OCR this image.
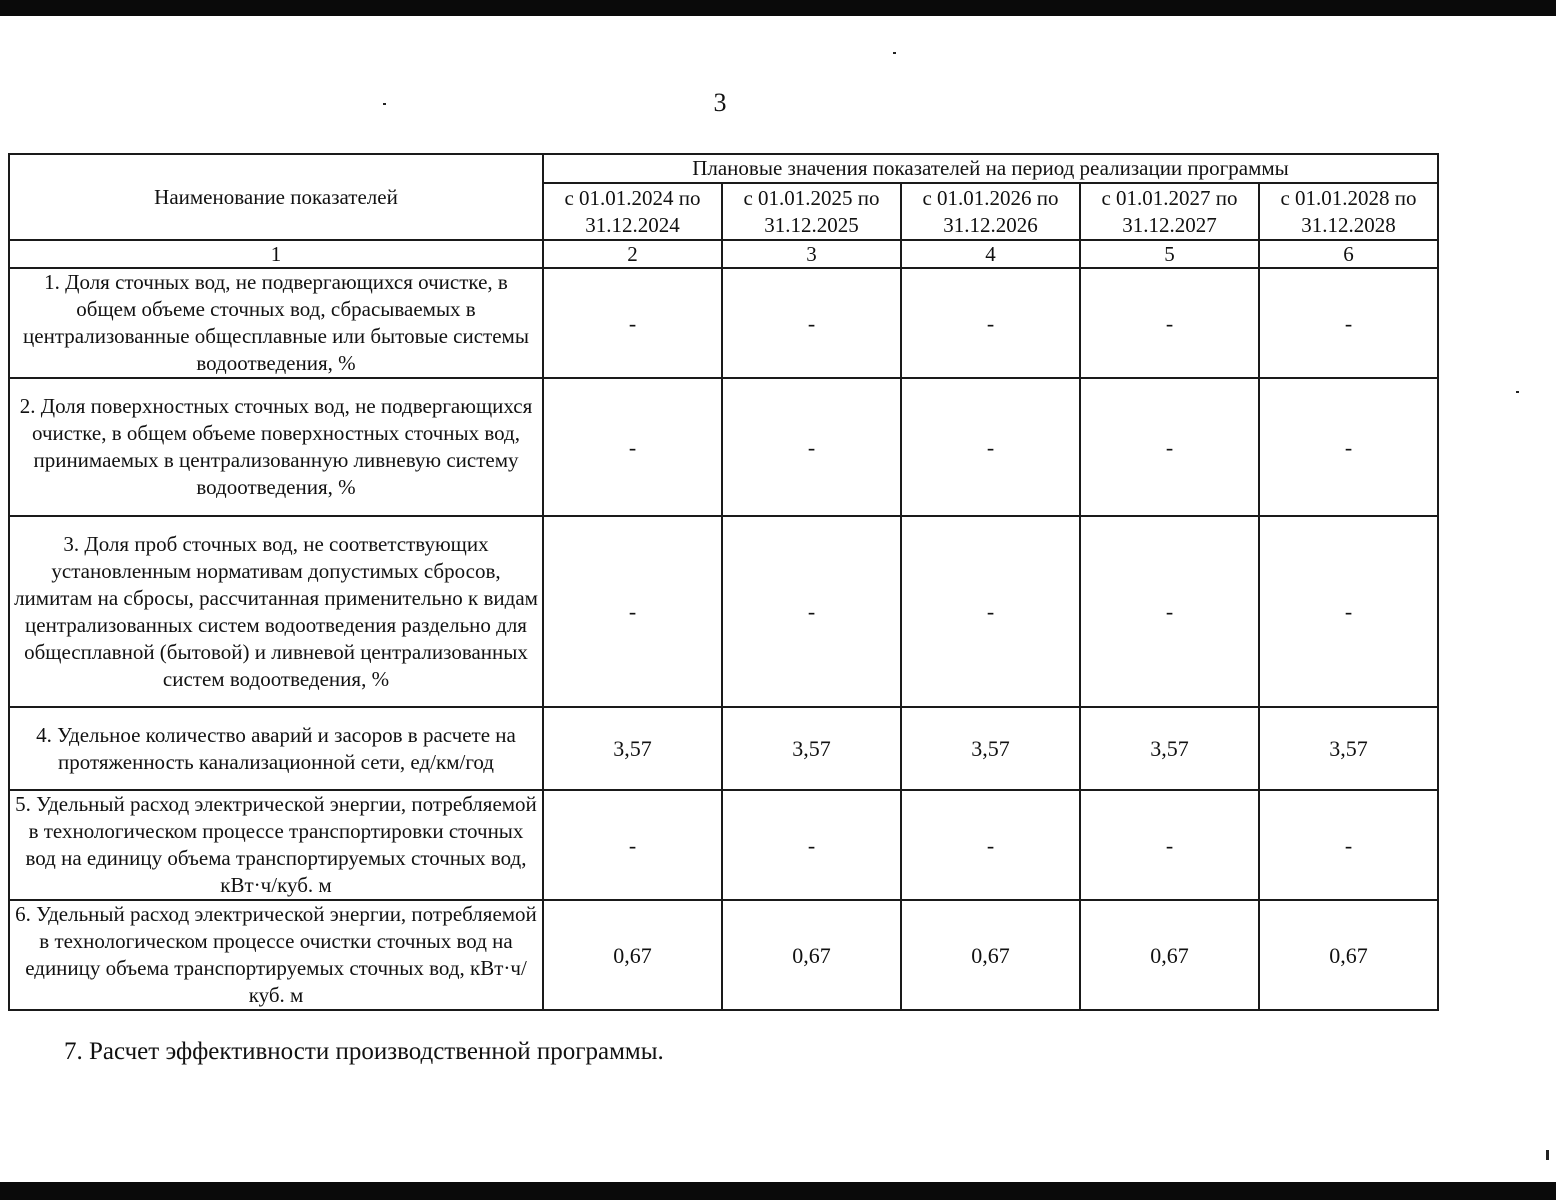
3
Наименование показателей	Плановые значения показателей на период реализации программы				
	с 01.01.2024 по 31.12.2024	с 01.01.2025 по 31.12.2025	с 01.01.2026 по 31.12.2026	с 01.01.2027 по 31.12.2027	с 01.01.2028 по 31.12.2028
1	2	3	4	5	6
1. Доля сточных вод, не подвергающихся очистке, в общем объеме сточных вод, сбрасываемых в централизованные общесплавные или бытовые системы водоотведения, %	-	-	-	-	-
2. Доля поверхностных сточных вод, не подвергающихся очистке, в общем объеме поверхностных сточных вод, принимаемых в централизованную ливневую систему водоотведения, %	-	-	-	-	-
3. Доля проб сточных вод, не соответствующих установленным нормативам допустимых сбросов, лимитам на сбросы, рассчитанная применительно к видам централизованных систем водоотведения раздельно для общесплавной (бытовой) и ливневой централизованных систем водоотведения, %	-	-	-	-	-
4. Удельное количество аварий и засоров в расчете на протяженность канализационной сети, ед/км/год	3,57	3,57	3,57	3,57	3,57
5. Удельный расход электрической энергии, потребляемой в технологическом процессе транспортировки сточных вод на единицу объема транспортируемых сточных вод, кВт·ч/куб. м	-	-	-	-	-
6. Удельный расход электрической энергии, потребляемой в технологическом процессе очистки сточных вод на единицу объема транспортируемых сточных вод, кВт·ч/куб. м	0,67	0,67	0,67	0,67	0,67
7. Расчет эффективности производственной программы.
